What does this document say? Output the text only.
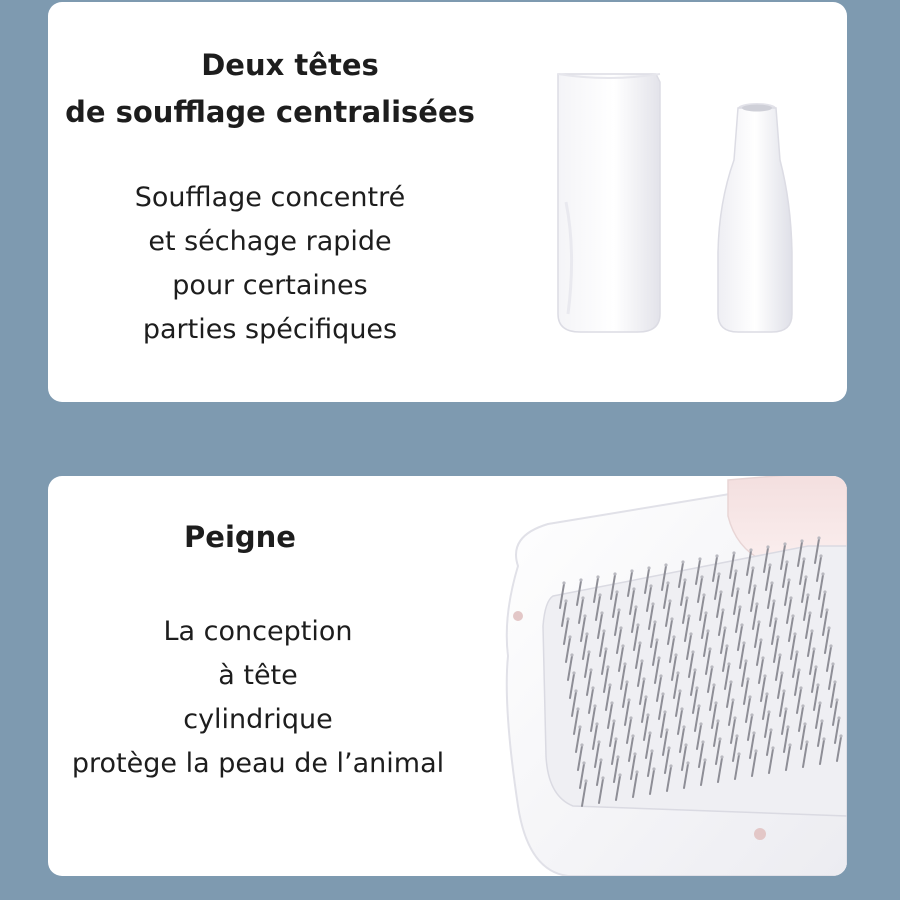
Deux têtes
de soufflage centralisées
Soufflage concentré
et séchage rapide
pour certaines
parties spécifiques
Peigne
La conception
à tête
cylindrique
protège la peau de l’animal
